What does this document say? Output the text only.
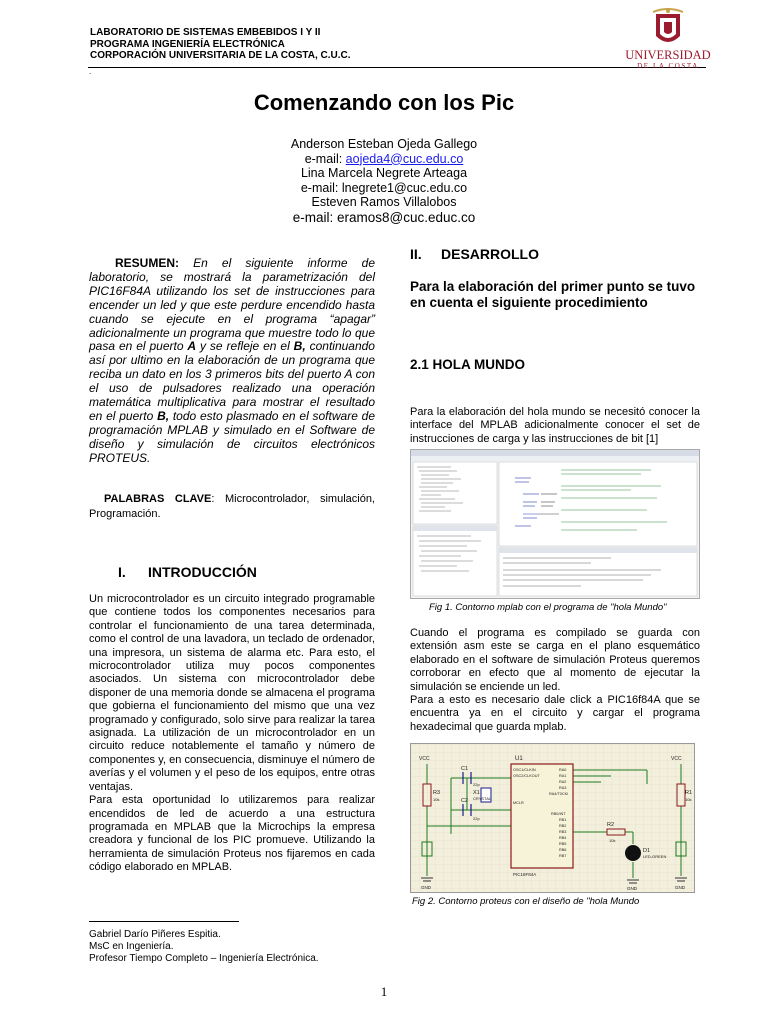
LABORATORIO DE SISTEMAS EMBEBIDOS I Y II
PROGRAMA INGENIERÍA ELECTRÓNICA
CORPORACIÓN UNIVERSITARIA DE LA COSTA, C.U.C.
.
UNIVERSIDAD
DE LA COSTA
Comenzando con los Pic
Anderson Esteban Ojeda Gallego
e-mail: aojeda4@cuc.edu.co
Lina Marcela Negrete Arteaga
e-mail: lnegrete1@cuc.edu.co
Esteven Ramos Villalobos
e-mail: eramos8@cuc.educ.co
RESUMEN: En el siguiente informe de laboratorio, se mostrará la parametrización del PIC16F84A utilizando los set de instrucciones para encender un led y que este perdure encendido hasta cuando se ejecute en el programa “apagar” adicionalmente un programa que muestre todo lo que pasa en el puerto A y se refleje en el B, continuando así por ultimo en la elaboración de un programa que reciba un dato en los 3 primeros bits del puerto A con el uso de pulsadores realizado una operación matemática multiplicativa para mostrar el resultado en el puerto B, todo esto plasmado en el software de programación MPLAB y simulado en el Software de diseño y simulación de circuitos electrónicos PROTEUS.
PALABRAS CLAVE: Microcontrolador, simulación, Programación.
I. INTRODUCCIÓN

Un microcontrolador es un circuito integrado programable que contiene todos los componentes necesarios para controlar el funcionamiento de una tarea determinada, como el control de una lavadora, un teclado de ordenador, una impresora, un sistema de alarma etc. Para esto, el microcontrolador utiliza muy pocos componentes asociados. Un sistema con microcontrolador debe disponer de una memoria donde se almacena el programa que gobierna el funcionamiento del mismo que una vez programado y configurado, solo sirve para realizar la tarea asignada. La utilización de un microcontrolador en un circuito reduce notablemente el tamaño y número de componentes y, en consecuencia, disminuye el número de averías y el volumen y el peso de los equipos, entre otras ventajas.

Para esta oportunidad lo utilizaremos para realizar encendidos de led de acuerdo a una estructura programada en MPLAB que la Microchips la empresa creadora y funcional de los PIC promueve. Utilizando la herramienta de simulación Proteus nos fijaremos en cada código elaborado en MPLAB.

II. DESARROLLO
Para la elaboración del primer punto se tuvo en cuenta el siguiente procedimiento
2.1 HOLA MUNDO
Para la elaboración del hola mundo se necesitó conocer la interface del MPLAB adicionalmente conocer el set de instrucciones de carga y las instrucciones de bit [1]
Fig 1. Contorno mplab con el programa de "hola Mundo"

Cuando el programa es compilado se guarda con extensión asm este se carga en el plano esquemático elaborado en el software de simulación Proteus queremos corroborar en efecto que al momento de ejecutar la simulación se enciende un led.

Para a esto es necesario dale click a PIC16f84A que se encuentra ya en el circuito y cargar el programa hexadecimal que guarda mplab.

VCC	VCC
R3
10k
C1
22p
X1
CRYSTAL
C2
22p
U1
OSC1/CLKIN
OSC2/CLKOUT
MCLR
RA0
RA1
RA2
RA3
RA4/T0CKI
RB0/INT
RB1
RB2
RB3
RB4
RB5
RB6
RB7
PIC16F84A
R2
10k
D1
LED-GREEN
R1
10k
GND	GND	GND
Fig 2. Contorno proteus con el diseño de "hola Mundo
Gabriel Darío Piñeres Espitia.
MsC en Ingeniería.
Profesor Tiempo Completo – Ingeniería Electrónica.
1
